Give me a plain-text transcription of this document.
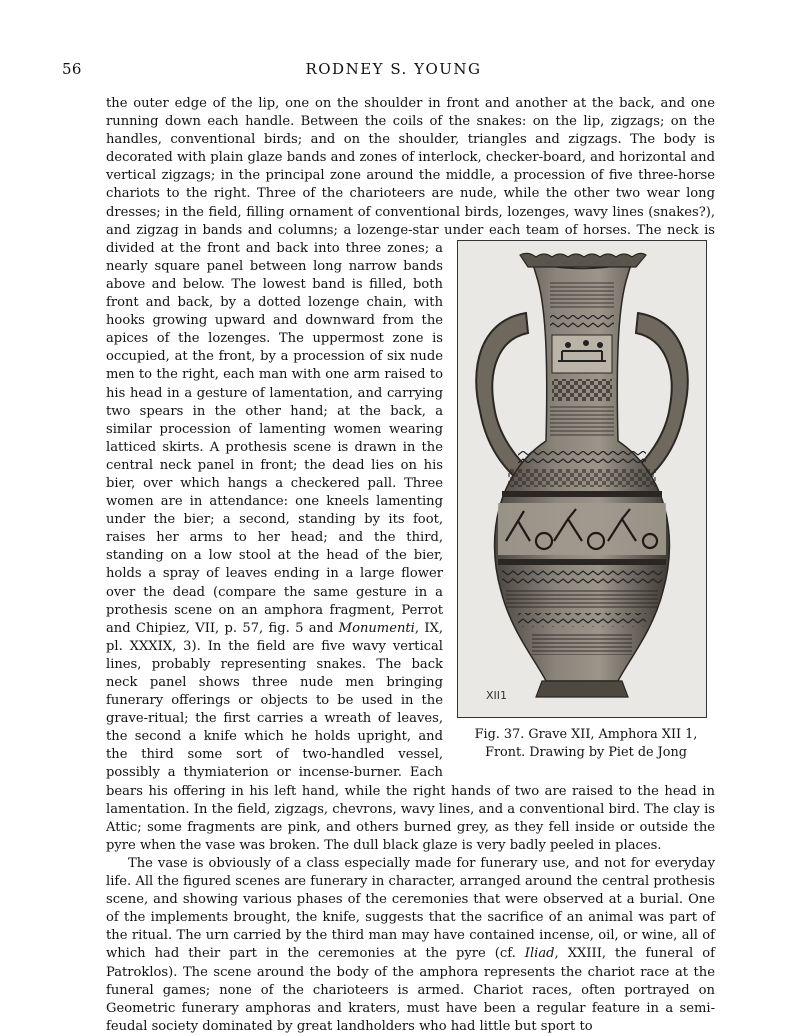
56	RODNEY S. YOUNG

the outer edge of the lip, one on the shoulder in front and another at the back, and one running down each handle. Between the coils of the snakes: on the lip, zigzags; on the handles, conventional birds; and on the shoulder, triangles and zigzags. The body is decorated with plain glaze bands and zones of interlock, checker-board, and horizontal and vertical zigzags; in the principal zone around the middle, a procession of five three-horse chariots to the right. Three of the charioteers are nude, while the other two wear long dresses; in the field, filling ornament of conventional birds, lozenges, wavy lines (snakes?), and zigzag in bands and columns; a lozenge-star under each team of horses. The neck is divided at the front and back into three
XII1
Fig. 37. Grave XII, Amphora XII 1,
Front. Drawing by Piet de Jong
zones; a nearly square panel between long narrow bands above and below. The lowest band is filled, both front and back, by a dotted lozenge chain, with hooks growing upward and downward from the apices of the lozenges. The uppermost zone is occupied, at the front, by a procession of six nude men to the right, each man with one arm raised to his head in a gesture of lamentation, and carrying two spears in the other hand; at the back, a similar procession of lamenting women wearing latticed skirts. A prothesis scene is drawn in the central neck panel in front; the dead lies on his bier, over which hangs a checkered pall. Three women are in attendance: one kneels lamenting under the bier; a second, standing by its foot, raises her arms to her head; and the third, standing on a low stool at the head of the bier, holds a spray of leaves ending in a large flower over the dead (compare the same gesture in a prothesis scene on an amphora fragment, Perrot and Chipiez, VII, p. 57, fig. 5 and Monumenti, IX, pl. XXXIX, 3). In the field are five wavy vertical lines, probably representing snakes. The back neck panel shows three nude men bringing funerary offerings or objects to be used in the grave-ritual; the first carries a wreath of leaves, the second a knife which he holds upright, and the third some sort of two-handled vessel, possibly a thymiaterion or incense-burner. Each bears his offering in his left hand, while the right hands of two are raised to the head in lamentation. In the field, zigzags, chevrons, wavy lines, and a conventional bird. The clay is Attic; some fragments are pink, and others burned grey, as they fell inside or outside the pyre when the vase was broken. The dull black glaze is very badly peeled in places.

The vase is obviously of a class especially made for funerary use, and not for everyday life. All the figured scenes are funerary in character, arranged around the central prothesis scene, and showing various phases of the ceremonies that were observed at a burial. One of the implements brought, the knife, suggests that the sacrifice of an animal was part of the ritual. The urn carried by the third man may have contained incense, oil, or wine, all of which had their part in the ceremonies at the pyre (cf. Iliad, XXIII, the funeral of Patroklos). The scene around the body of the amphora represents the chariot race at the funeral games; none of the charioteers is armed. Chariot races, often portrayed on Geometric funerary amphoras and kraters, must have been a regular feature in a semi-feudal society dominated by great landholders who had little but sport to
